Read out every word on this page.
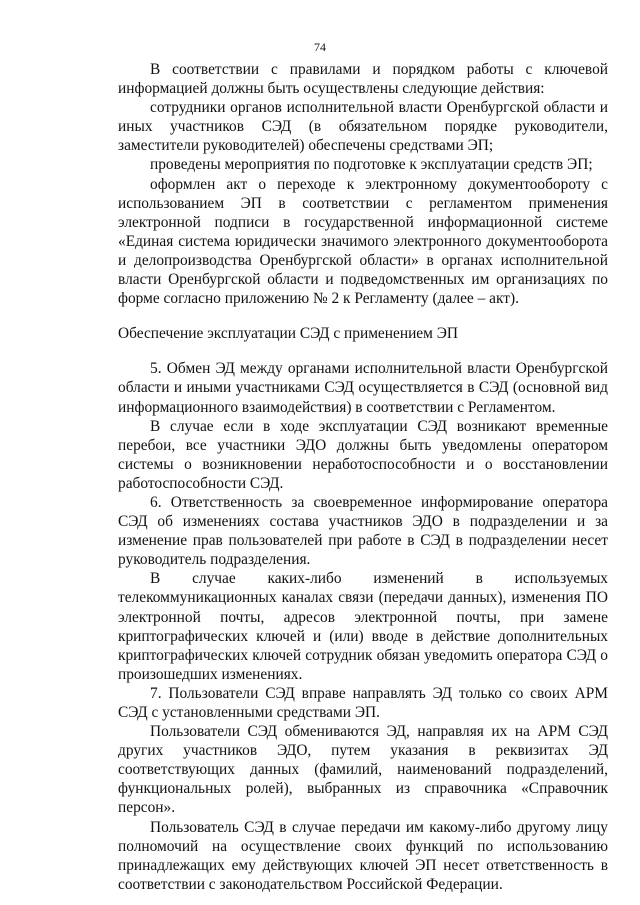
74

В соответствии с правилами и порядком работы с ключевой информацией должны быть осуществлены следующие действия:

сотрудники органов исполнительной власти Оренбургской области и иных участников СЭД (в обязательном порядке руководители, заместители руководителей) обеспечены средствами ЭП;

проведены мероприятия по подготовке к эксплуатации средств ЭП;

оформлен акт о переходе к электронному документообороту с использованием ЭП в соответствии с регламентом применения электронной подписи в государственной информационной системе «Единая система юридически значимого электронного документооборота и делопроизводства Оренбургской области» в органах исполнительной власти Оренбургской области и подведомственных им организациях по форме согласно приложению № 2 к Регламенту (далее – акт).

Обеспечение эксплуатации СЭД с применением ЭП

5. Обмен ЭД между органами исполнительной власти Оренбургской области и иными участниками СЭД осуществляется в СЭД (основной вид информационного взаимодействия) в соответствии с Регламентом.

В случае если в ходе эксплуатации СЭД возникают временные перебои, все участники ЭДО должны быть уведомлены оператором системы о возникновении неработоспособности и о восстановлении работоспособности СЭД.

6. Ответственность за своевременное информирование оператора СЭД об изменениях состава участников ЭДО в подразделении и за изменение прав пользователей при работе в СЭД в подразделении несет руководитель подразделения.

В случае каких-либо изменений в используемых телекоммуникационных каналах связи (передачи данных), изменения ПО электронной почты, адресов электронной почты, при замене криптографических ключей и (или) вводе в действие дополнительных криптографических ключей сотрудник обязан уведомить оператора СЭД о произошедших изменениях.

7. Пользователи СЭД вправе направлять ЭД только со своих АРМ СЭД с установленными средствами ЭП.

Пользователи СЭД обмениваются ЭД, направляя их на АРМ СЭД других участников ЭДО, путем указания в реквизитах ЭД соответствующих данных (фамилий, наименований подразделений, функциональных ролей), выбранных из справочника «Справочник персон».

Пользователь СЭД в случае передачи им какому-либо другому лицу полномочий на осуществление своих функций по использованию принадлежащих ему действующих ключей ЭП несет ответственность в соответствии с законодательством Российской Федерации.
